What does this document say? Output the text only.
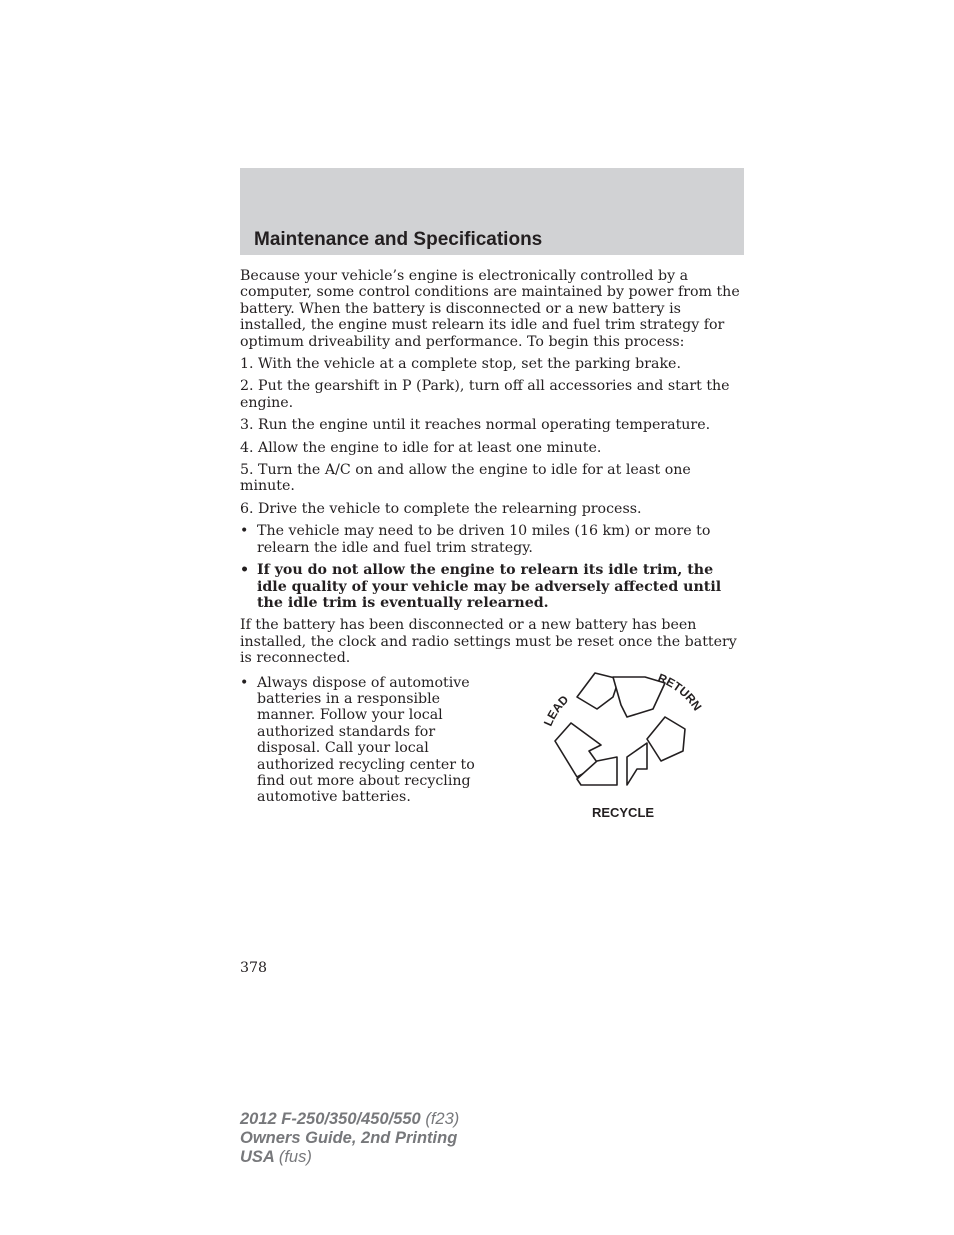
Maintenance and Specifications

Because your vehicle’s engine is electronically controlled by a computer, some control conditions are maintained by power from the battery. When the battery is disconnected or a new battery is installed, the engine must relearn its idle and fuel trim strategy for optimum driveability and performance. To begin this process:

1. With the vehicle at a complete stop, set the parking brake.

2. Put the gearshift in P (Park), turn off all accessories and start the engine.

3. Run the engine until it reaches normal operating temperature.

4. Allow the engine to idle for at least one minute.

5. Turn the A/C on and allow the engine to idle for at least one minute.

6. Drive the vehicle to complete the relearning process.

• The vehicle may need to be driven 10 miles (16 km) or more to relearn the idle and fuel trim strategy.
• If you do not allow the engine to relearn its idle trim, the idle quality of your vehicle may be adversely affected until the idle trim is eventually relearned.

If the battery has been disconnected or a new battery has been installed, the clock and radio settings must be reset once the battery is reconnected.

• Always dispose of automotive batteries in a responsible manner. Follow your local authorized standards for disposal. Call your local authorized recycling center to find out more about recycling automotive batteries.
LEAD
RETURN
RECYCLE
378
2012 F-250/350/450/550 (f23)
Owners Guide, 2nd Printing
USA (fus)
